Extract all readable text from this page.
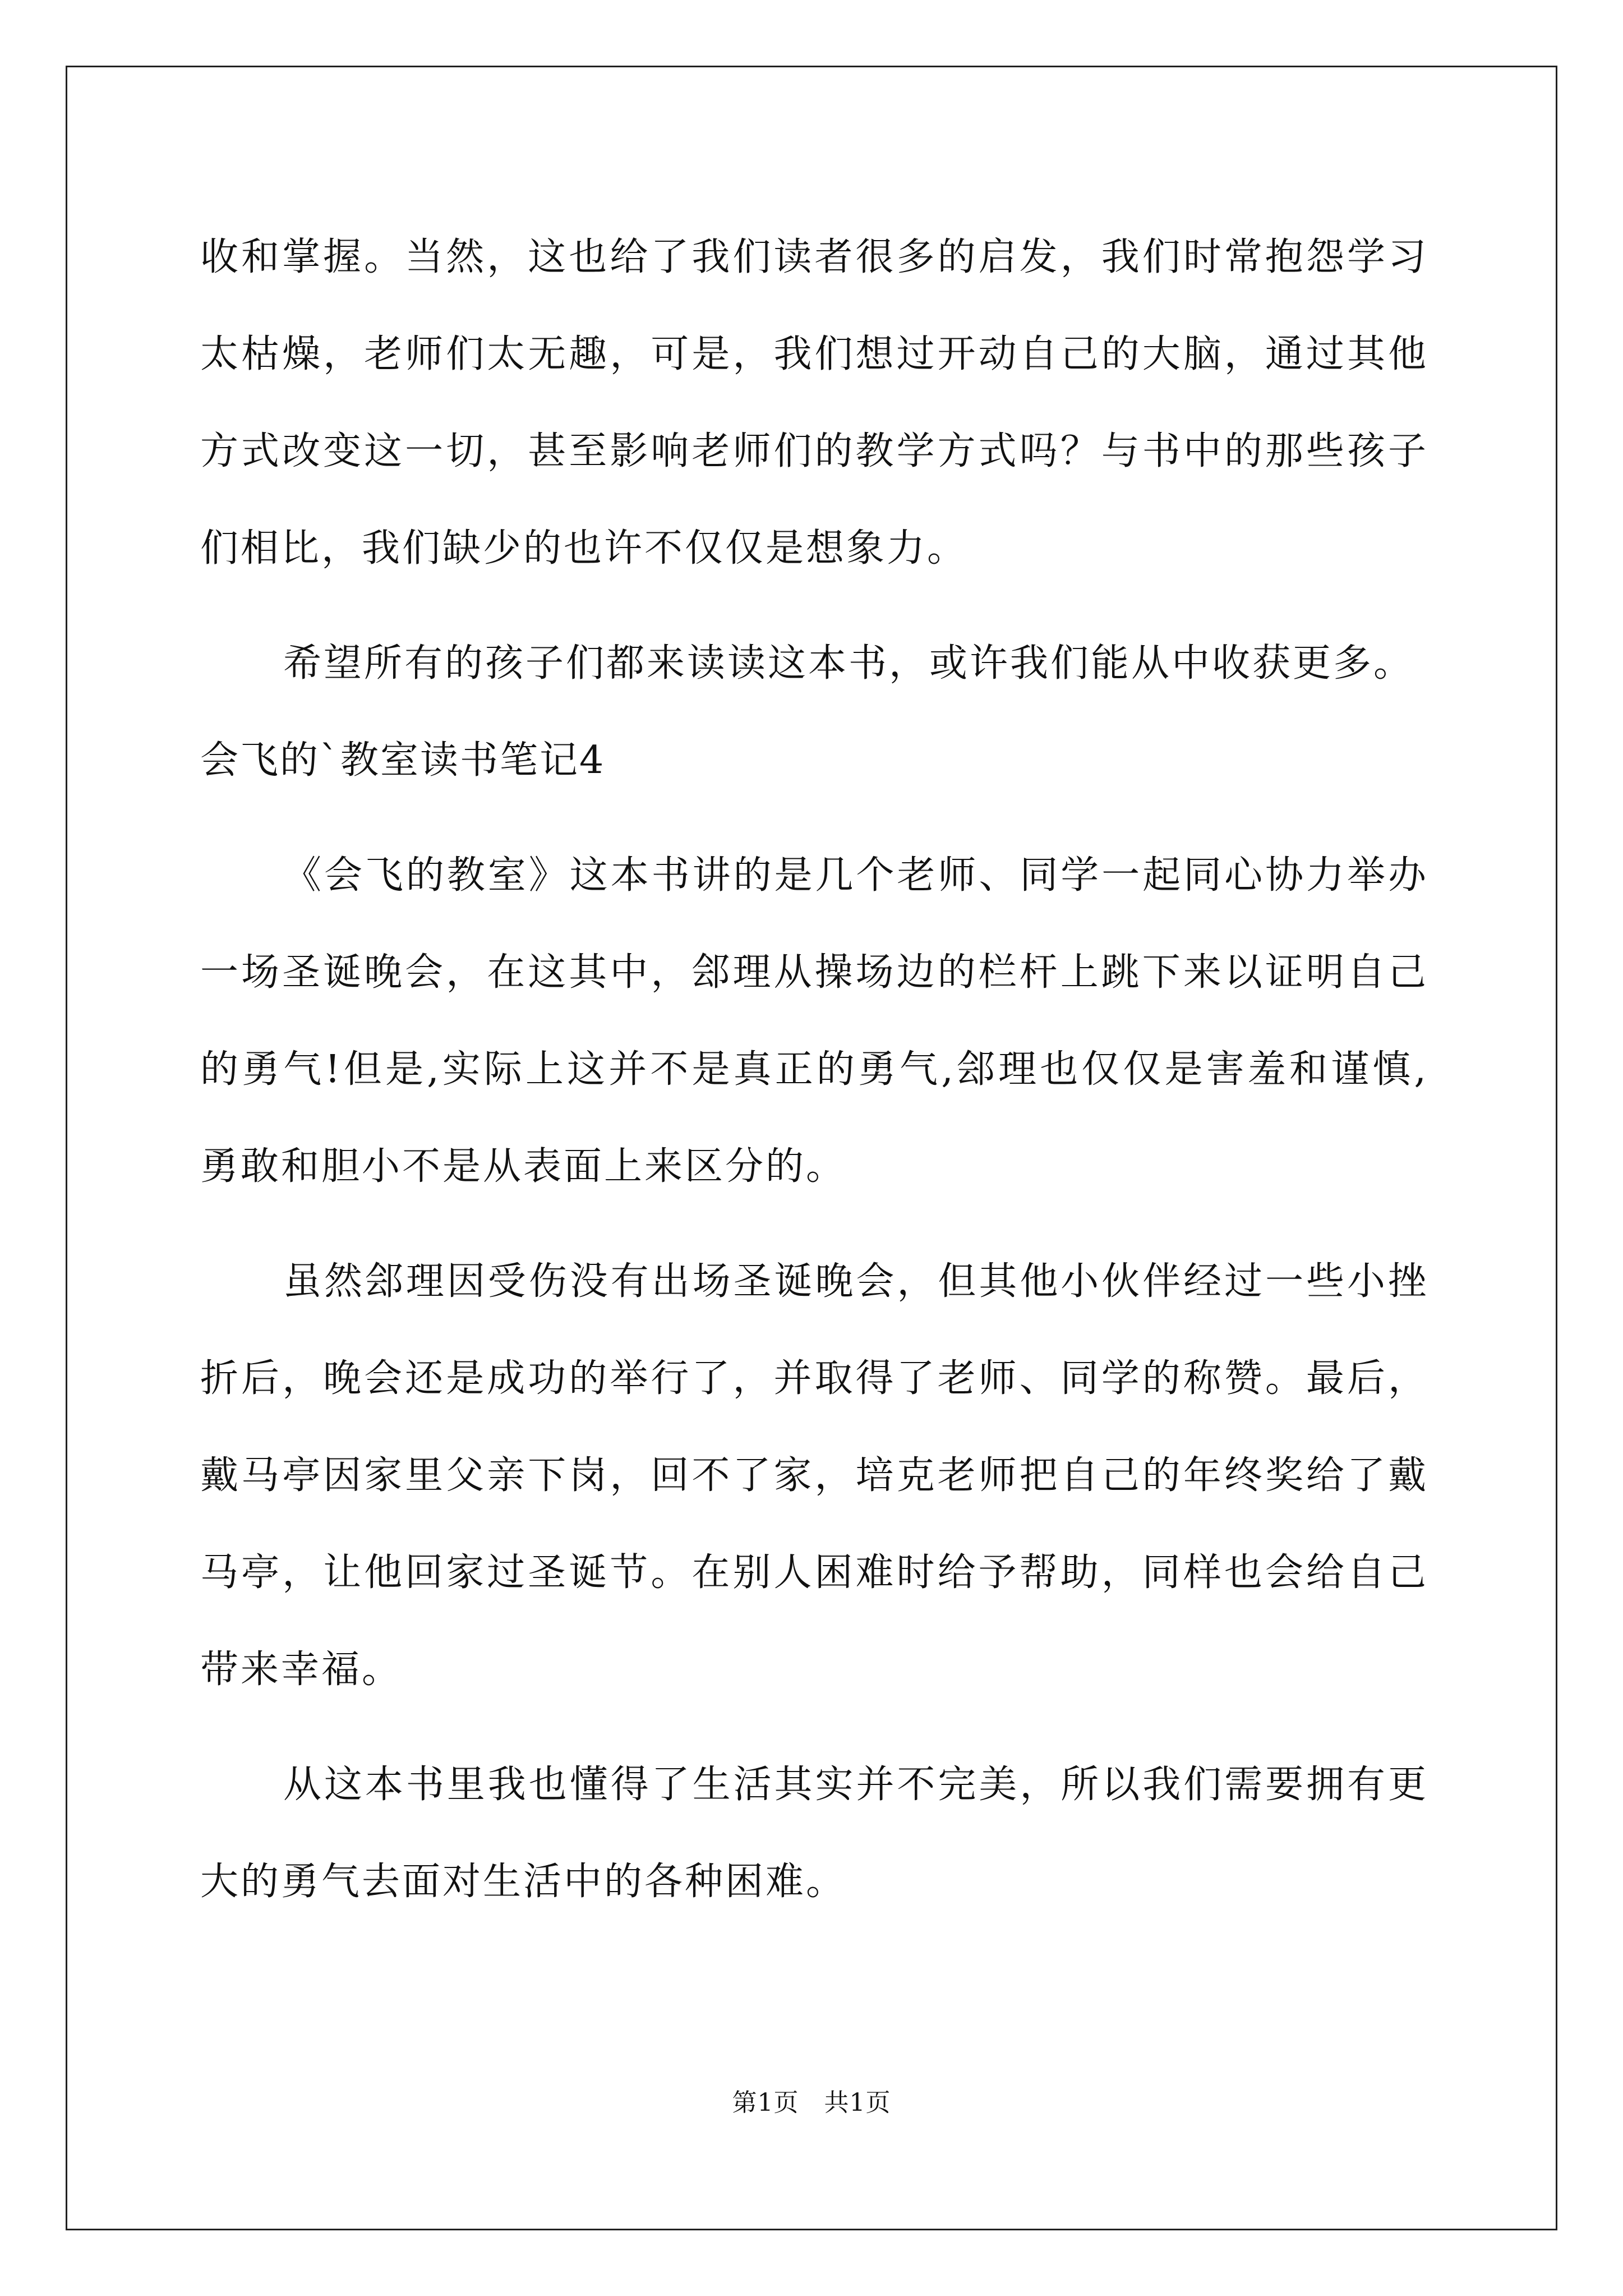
收和掌握。当然，这也给了我们读者很多的启发，我们时常抱怨学习
太枯燥，老师们太无趣，可是，我们想过开动自己的大脑，通过其他
方式改变这一切，甚至影响老师们的教学方式吗？与书中的那些孩子
们相比，我们缺少的也许不仅仅是想象力。
希望所有的孩子们都来读读这本书，或许我们能从中收获更多。
会飞的`教室读书笔记4
《会飞的教室》这本书讲的是几个老师、同学一起同心协力举办
一场圣诞晚会，在这其中，郐理从操场边的栏杆上跳下来以证明自己
的勇气!但是,实际上这并不是真正的勇气,郐理也仅仅是害羞和谨慎,
勇敢和胆小不是从表面上来区分的。
虽然郐理因受伤没有出场圣诞晚会，但其他小伙伴经过一些小挫
折后，晚会还是成功的举行了，并取得了老师、同学的称赞。最后，
戴马亭因家里父亲下岗，回不了家，培克老师把自己的年终奖给了戴
马亭，让他回家过圣诞节。在别人困难时给予帮助，同样也会给自己
带来幸福。
从这本书里我也懂得了生活其实并不完美，所以我们需要拥有更
大的勇气去面对生活中的各种困难。
第1页　共1页
